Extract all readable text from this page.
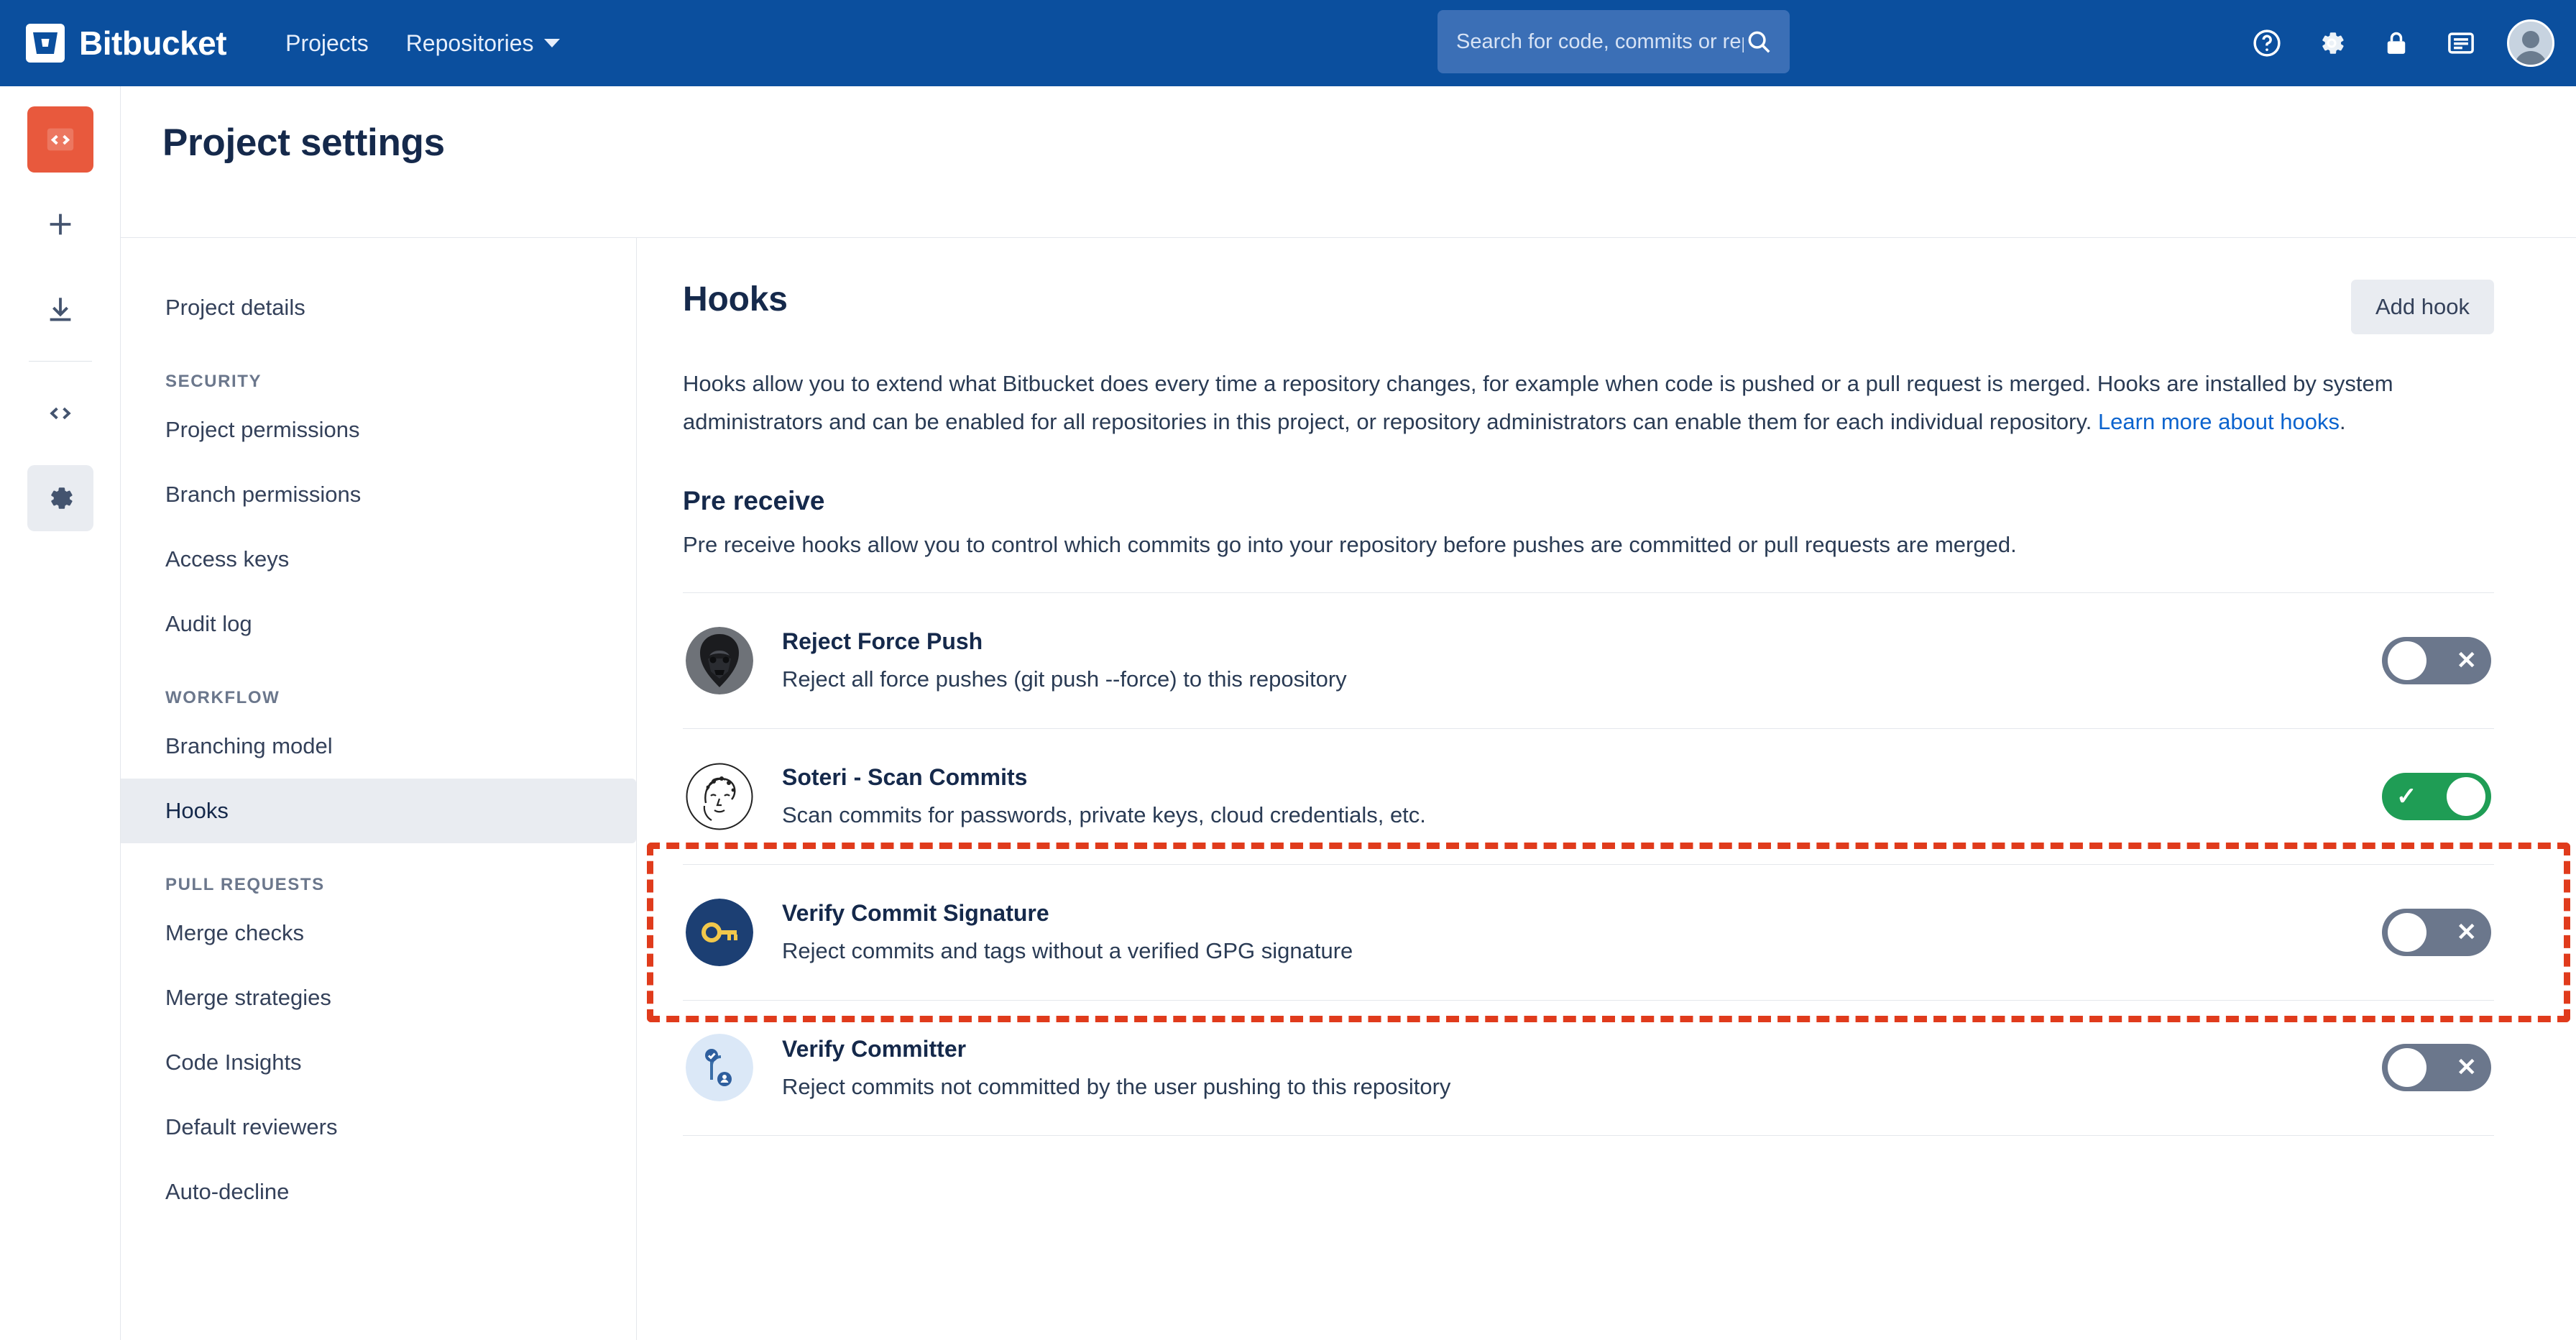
Bitbucket	Projects Repositories
Search for code, commits or repositories...
Project settings
Project details
SECURITY
Project permissions
Branch permissions
Access keys
Audit log
WORKFLOW
Branching model
Hooks
PULL REQUESTS
Merge checks
Merge strategies
Code Insights
Default reviewers
Auto-decline
Hooks	Add hook
Hooks allow you to extend what Bitbucket does every time a repository changes, for example when code is pushed or a pull request is merged. Hooks are installed by system administrators and can be enabled for all repositories in this project, or repository administrators can enable them for each individual repository. Learn more about hooks.
Pre receive
Pre receive hooks allow you to control which commits go into your repository before pushes are committed or pull requests are merged.
Reject Force Push
Reject all force pushes (git push --force) to this repository
✕
Soteri - Scan Commits
Scan commits for passwords, private keys, cloud credentials, etc.
✓
Verify Commit Signature
Reject commits and tags without a verified GPG signature
✕
Verify Committer
Reject commits not committed by the user pushing to this repository
✕
